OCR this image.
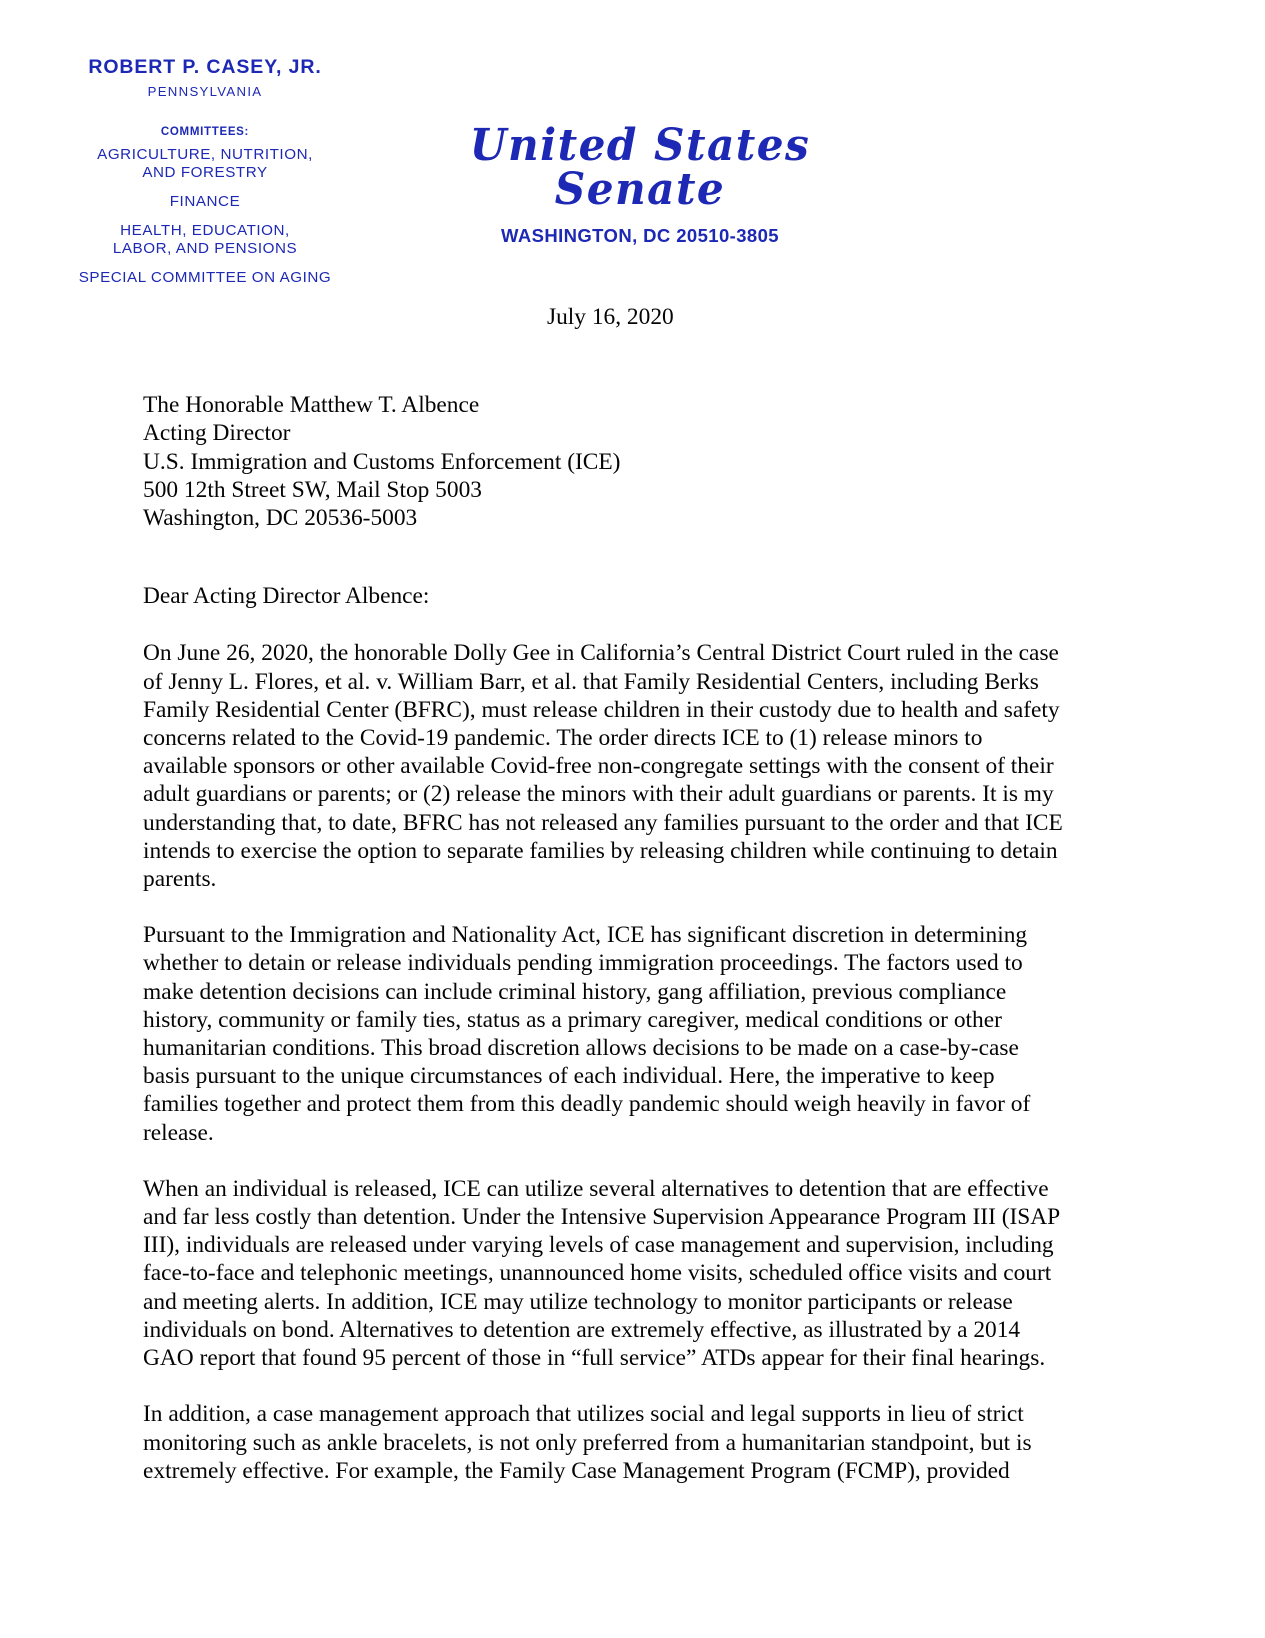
ROBERT P. CASEY, JR.
PENNSYLVANIA
COMMITTEES:
AGRICULTURE, NUTRITION,
AND FORESTRY
FINANCE
HEALTH, EDUCATION,
LABOR, AND PENSIONS
SPECIAL COMMITTEE ON AGING
United States Senate
WASHINGTON, DC 20510-3805
July 16, 2020
The Honorable Matthew T. Albence
Acting Director
U.S. Immigration and Customs Enforcement (ICE)
500 12th Street SW, Mail Stop 5003
Washington, DC 20536-5003
Dear Acting Director Albence:

On June 26, 2020, the honorable Dolly Gee in California’s Central District Court ruled in the case of Jenny L. Flores, et al. v. William Barr, et al. that Family Residential Centers, including Berks Family Residential Center (BFRC), must release children in their custody due to health and safety concerns related to the Covid-19 pandemic. The order directs ICE to (1) release minors to available sponsors or other available Covid-free non-congregate settings with the consent of their adult guardians or parents; or (2) release the minors with their adult guardians or parents. It is my understanding that, to date, BFRC has not released any families pursuant to the order and that ICE intends to exercise the option to separate families by releasing children while continuing to detain parents.

Pursuant to the Immigration and Nationality Act, ICE has significant discretion in determining whether to detain or release individuals pending immigration proceedings. The factors used to make detention decisions can include criminal history, gang affiliation, previous compliance history, community or family ties, status as a primary caregiver, medical conditions or other humanitarian conditions. This broad discretion allows decisions to be made on a case-by-case basis pursuant to the unique circumstances of each individual. Here, the imperative to keep families together and protect them from this deadly pandemic should weigh heavily in favor of release.

When an individual is released, ICE can utilize several alternatives to detention that are effective and far less costly than detention. Under the Intensive Supervision Appearance Program III (ISAP III), individuals are released under varying levels of case management and supervision, including face-to-face and telephonic meetings, unannounced home visits, scheduled office visits and court and meeting alerts. In addition, ICE may utilize technology to monitor participants or release individuals on bond. Alternatives to detention are extremely effective, as illustrated by a 2014 GAO report that found 95 percent of those in “full service” ATDs appear for their final hearings.

In addition, a case management approach that utilizes social and legal supports in lieu of strict monitoring such as ankle bracelets, is not only preferred from a humanitarian standpoint, but is extremely effective. For example, the Family Case Management Program (FCMP), provided
